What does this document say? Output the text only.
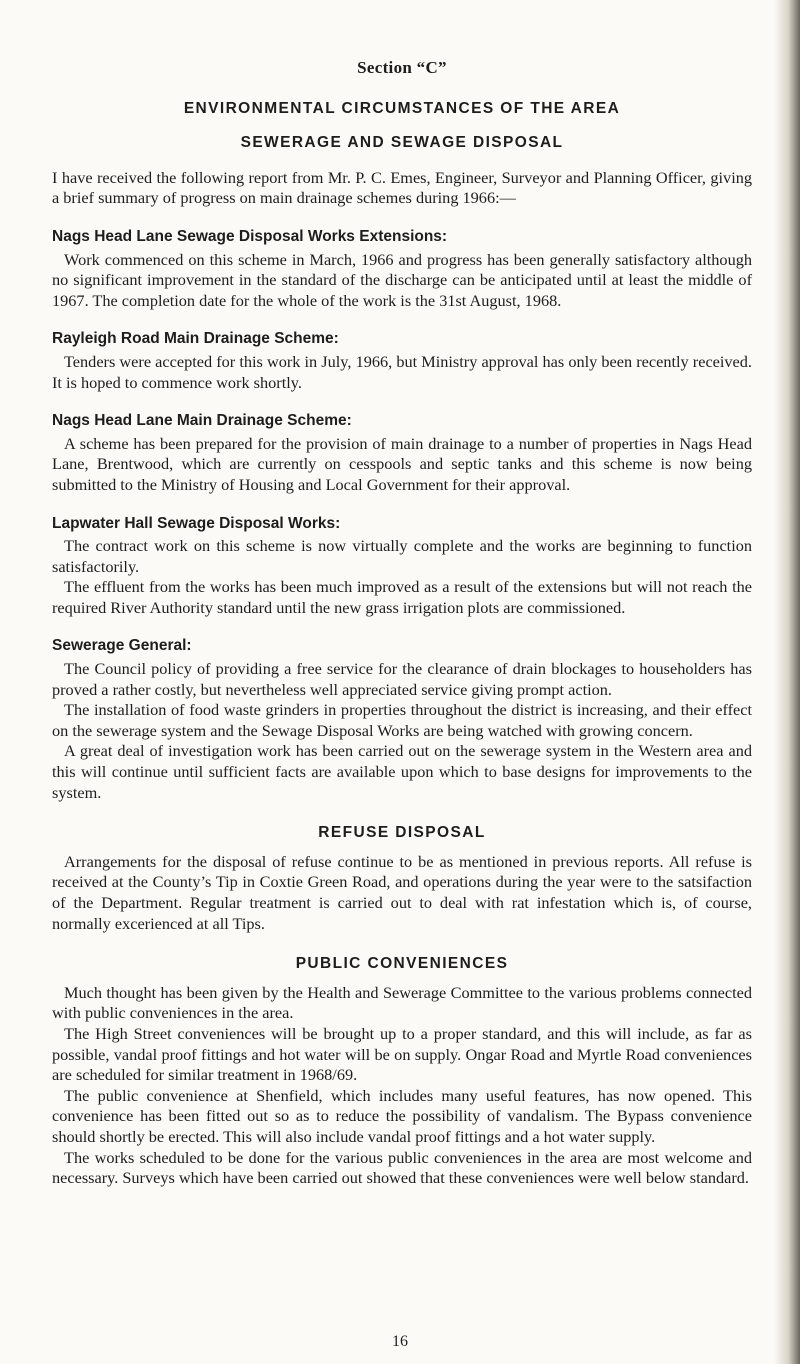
Section “C”
ENVIRONMENTAL CIRCUMSTANCES OF THE AREA
SEWERAGE AND SEWAGE DISPOSAL

I have received the following report from Mr. P. C. Emes, Engineer, Surveyor and Planning Officer, giving a brief summary of progress on main drainage schemes during 1966:—

Nags Head Lane Sewage Disposal Works Extensions:

Work commenced on this scheme in March, 1966 and progress has been generally satisfactory although no significant improvement in the standard of the discharge can be anticipated until at least the middle of 1967. The completion date for the whole of the work is the 31st August, 1968.

Rayleigh Road Main Drainage Scheme:

Tenders were accepted for this work in July, 1966, but Ministry approval has only been recently received. It is hoped to commence work shortly.

Nags Head Lane Main Drainage Scheme:

A scheme has been prepared for the provision of main drainage to a number of properties in Nags Head Lane, Brentwood, which are currently on cesspools and septic tanks and this scheme is now being submitted to the Ministry of Housing and Local Government for their approval.

Lapwater Hall Sewage Disposal Works:

The contract work on this scheme is now virtually complete and the works are beginning to function satisfactorily.

The effluent from the works has been much improved as a result of the extensions but will not reach the required River Authority standard until the new grass irrigation plots are commissioned.

Sewerage General:

The Council policy of providing a free service for the clearance of drain blockages to householders has proved a rather costly, but nevertheless well appreciated service giving prompt action.

The installation of food waste grinders in properties throughout the district is increasing, and their effect on the sewerage system and the Sewage Disposal Works are being watched with growing concern.

A great deal of investigation work has been carried out on the sewerage system in the Western area and this will continue until sufficient facts are available upon which to base designs for improvements to the system.

REFUSE DISPOSAL

Arrangements for the disposal of refuse continue to be as mentioned in previous reports. All refuse is received at the County’s Tip in Coxtie Green Road, and operations during the year were to the satsifaction of the Department. Regular treatment is carried out to deal with rat infestation which is, of course, normally excerienced at all Tips.

PUBLIC CONVENIENCES

Much thought has been given by the Health and Sewerage Committee to the various problems connected with public conveniences in the area.

The High Street conveniences will be brought up to a proper standard, and this will include, as far as possible, vandal proof fittings and hot water will be on supply. Ongar Road and Myrtle Road conveniences are scheduled for similar treatment in 1968/69.

The public convenience at Shenfield, which includes many useful features, has now opened. This convenience has been fitted out so as to reduce the possibility of vandalism. The Bypass convenience should shortly be erected. This will also include vandal proof fittings and a hot water supply.

The works scheduled to be done for the various public conveniences in the area are most welcome and necessary. Surveys which have been carried out showed that these conveniences were well below standard.

16
